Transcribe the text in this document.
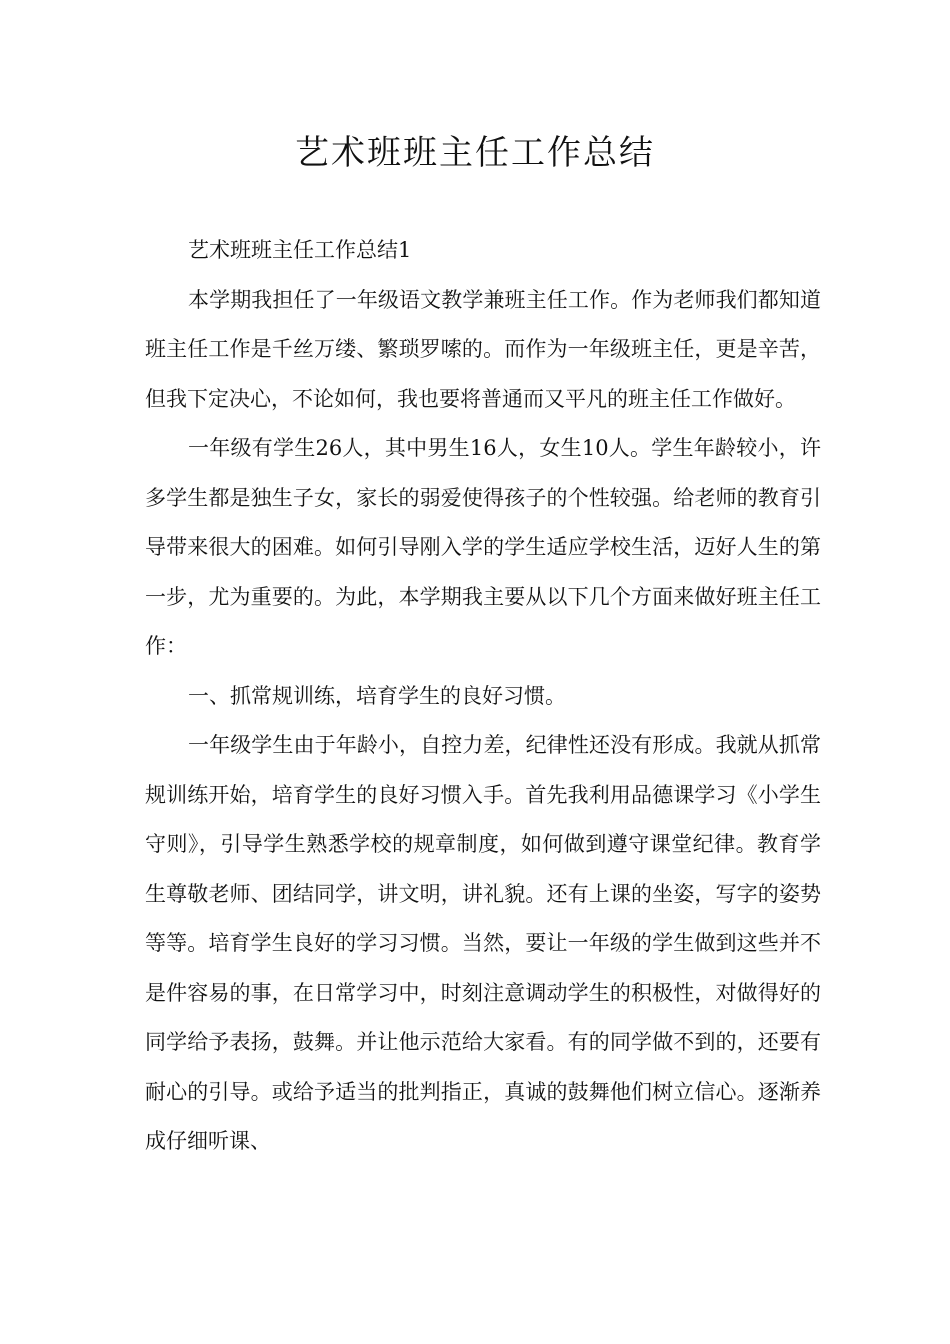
艺术班班主任工作总结

艺术班班主任工作总结1

本学期我担任了一年级语文教学兼班主任工作。作为老师我们都知道班主任工作是千丝万缕、繁琐罗嗦的。而作为一年级班主任，更是辛苦，但我下定决心，不论如何，我也要将普通而又平凡的班主任工作做好。

一年级有学生26人，其中男生16人，女生10人。学生年龄较小，许多学生都是独生子女，家长的弱爱使得孩子的个性较强。给老师的教育引导带来很大的困难。如何引导刚入学的学生适应学校生活，迈好人生的第一步，尤为重要的。为此，本学期我主要从以下几个方面来做好班主任工作：

一、抓常规训练，培育学生的良好习惯。

一年级学生由于年龄小，自控力差，纪律性还没有形成。我就从抓常规训练开始，培育学生的良好习惯入手。首先我利用品德课学习《小学生守则》，引导学生熟悉学校的规章制度，如何做到遵守课堂纪律。教育学生尊敬老师、团结同学，讲文明，讲礼貌。还有上课的坐姿，写字的姿势等等。培育学生良好的学习习惯。当然，要让一年级的学生做到这些并不是件容易的事，在日常学习中，时刻注意调动学生的积极性，对做得好的同学给予表扬，鼓舞。并让他示范给大家看。有的同学做不到的，还要有耐心的引导。或给予适当的批判指正，真诚的鼓舞他们树立信心。逐渐养成仔细听课、
